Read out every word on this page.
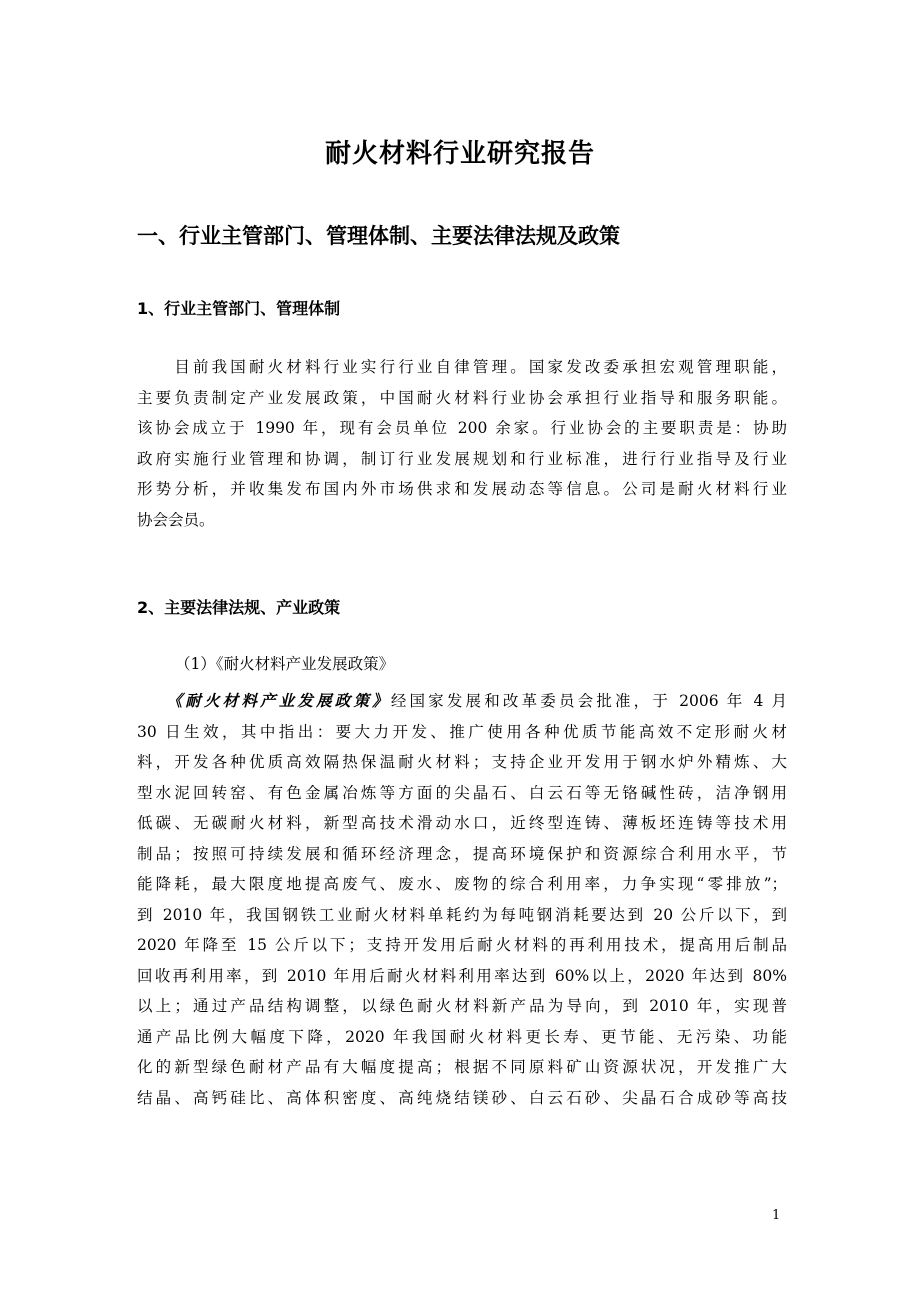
耐火材料行业研究报告
一、行业主管部门、管理体制、主要法律法规及政策
1、行业主管部门、管理体制
　　目前我国耐火材料行业实行行业自律管理。国家发改委承担宏观管理职能，
主要负责制定产业发展政策，中国耐火材料行业协会承担行业指导和服务职能。
该协会成立于 1990 年，现有会员单位 200 余家。行业协会的主要职责是：协助
政府实施行业管理和协调，制订行业发展规划和行业标准，进行行业指导及行业
形势分析，并收集发布国内外市场供求和发展动态等信息。公司是耐火材料行业
协会会员。
2、主要法律法规、产业政策
（1）《耐火材料产业发展政策》
　　《耐火材料产业发展政策》经国家发展和改革委员会批准，于 2006 年 4 月
30 日生效，其中指出：要大力开发、推广使用各种优质节能高效不定形耐火材
料，开发各种优质高效隔热保温耐火材料；支持企业开发用于钢水炉外精炼、大
型水泥回转窑、有色金属冶炼等方面的尖晶石、白云石等无铬碱性砖，洁净钢用
低碳、无碳耐火材料，新型高技术滑动水口，近终型连铸、薄板坯连铸等技术用
制品；按照可持续发展和循环经济理念，提高环境保护和资源综合利用水平，节
能降耗，最大限度地提高废气、废水、废物的综合利用率，力争实现“零排放”；
到 2010 年，我国钢铁工业耐火材料单耗约为每吨钢消耗要达到 20 公斤以下，到
2020 年降至 15 公斤以下；支持开发用后耐火材料的再利用技术，提高用后制品
回收再利用率，到 2010 年用后耐火材料利用率达到 60%以上，2020 年达到 80%
以上；通过产品结构调整，以绿色耐火材料新产品为导向，到 2010 年，实现普
通产品比例大幅度下降，2020 年我国耐火材料更长寿、更节能、无污染、功能
化的新型绿色耐材产品有大幅度提高；根据不同原料矿山资源状况，开发推广大
结晶、高钙硅比、高体积密度、高纯烧结镁砂、白云石砂、尖晶石合成砂等高技
1
